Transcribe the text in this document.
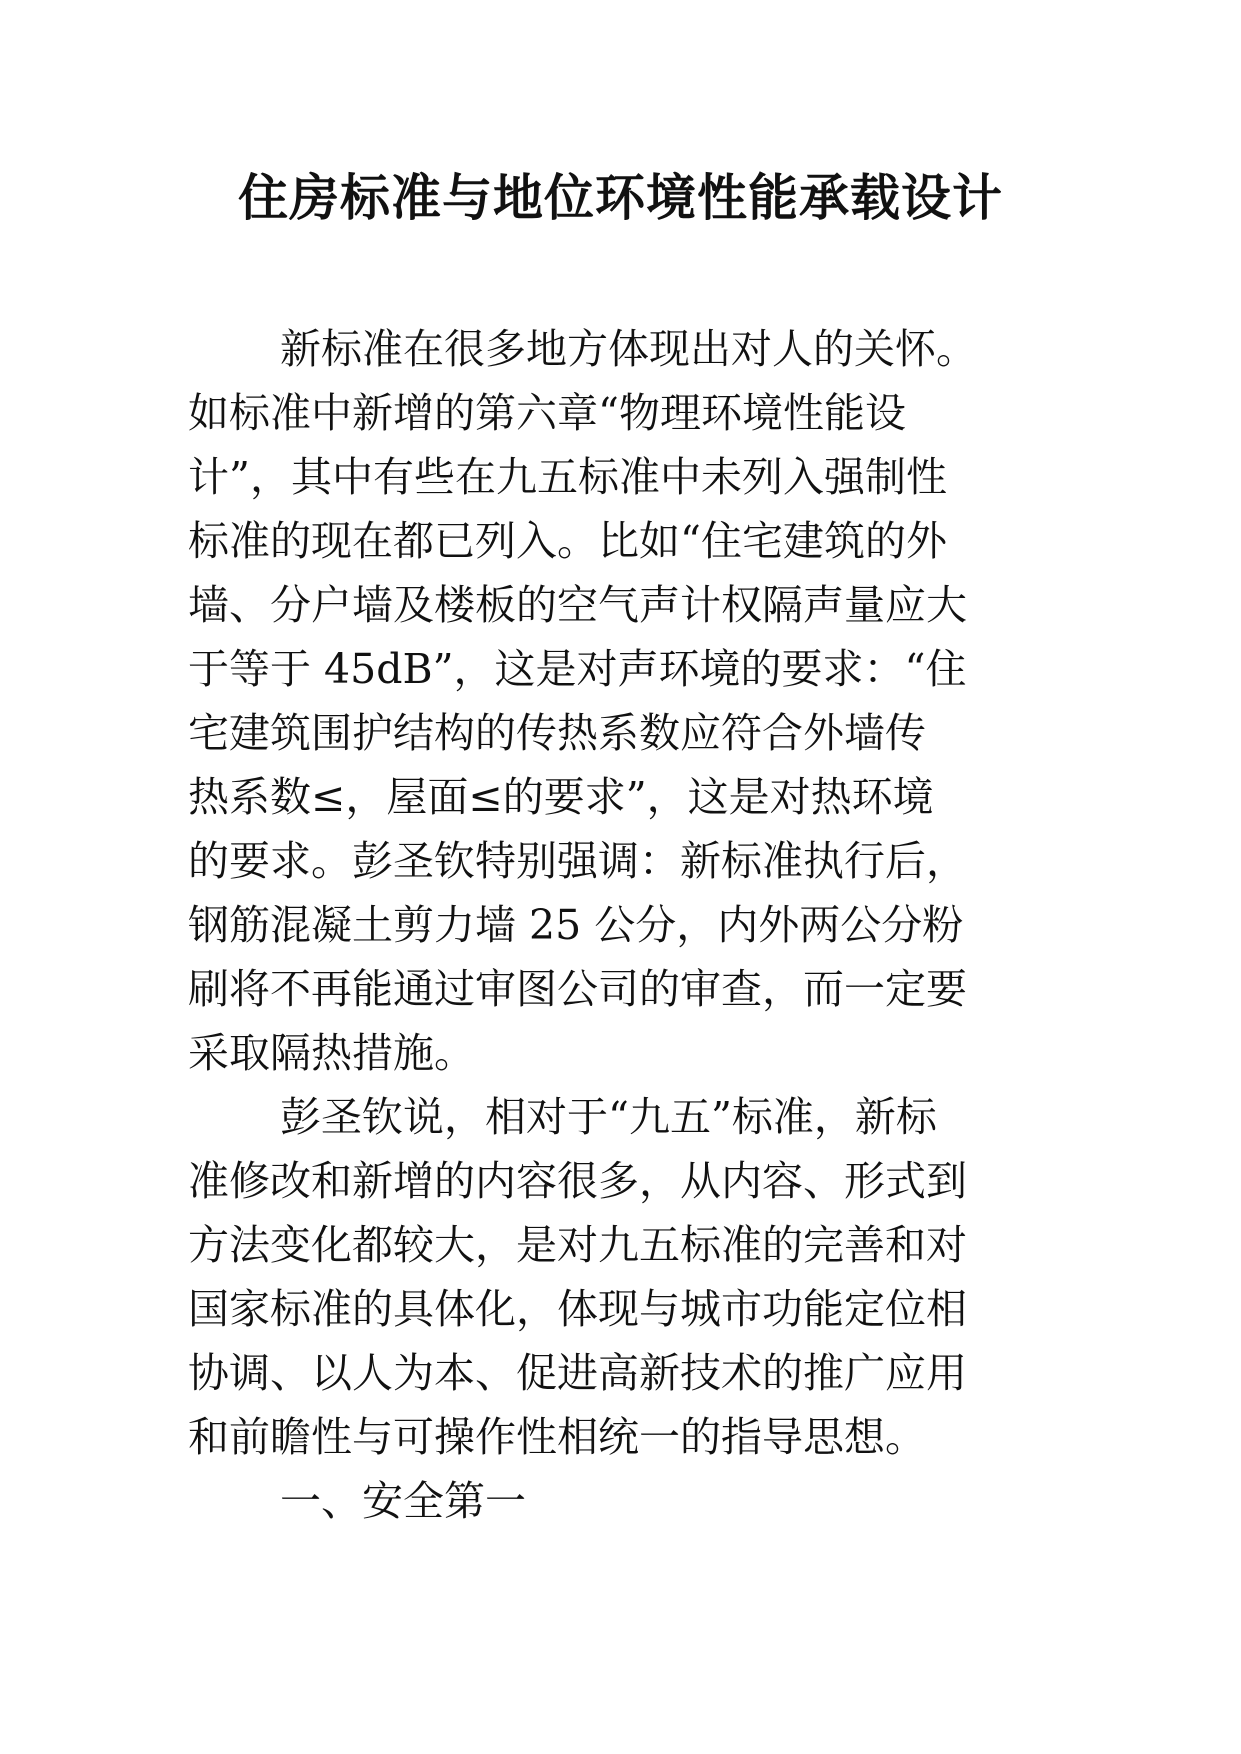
住房标准与地位环境性能承载设计
新标准在很多地方体现出对人的关怀。
如标准中新增的第六章“物理环境性能设
计”，其中有些在九五标准中未列入强制性
标准的现在都已列入。比如“住宅建筑的外
墙、分户墙及楼板的空气声计权隔声量应大
于等于 45dB”，这是对声环境的要求：“住
宅建筑围护结构的传热系数应符合外墙传
热系数≤，屋面≤的要求”，这是对热环境
的要求。彭圣钦特别强调：新标准执行后，
钢筋混凝土剪力墙 25 公分，内外两公分粉
刷将不再能通过审图公司的审查，而一定要
采取隔热措施。
彭圣钦说，相对于“九五”标准，新标
准修改和新增的内容很多，从内容、形式到
方法变化都较大，是对九五标准的完善和对
国家标准的具体化，体现与城市功能定位相
协调、以人为本、促进高新技术的推广应用
和前瞻性与可操作性相统一的指导思想。
一、安全第一
